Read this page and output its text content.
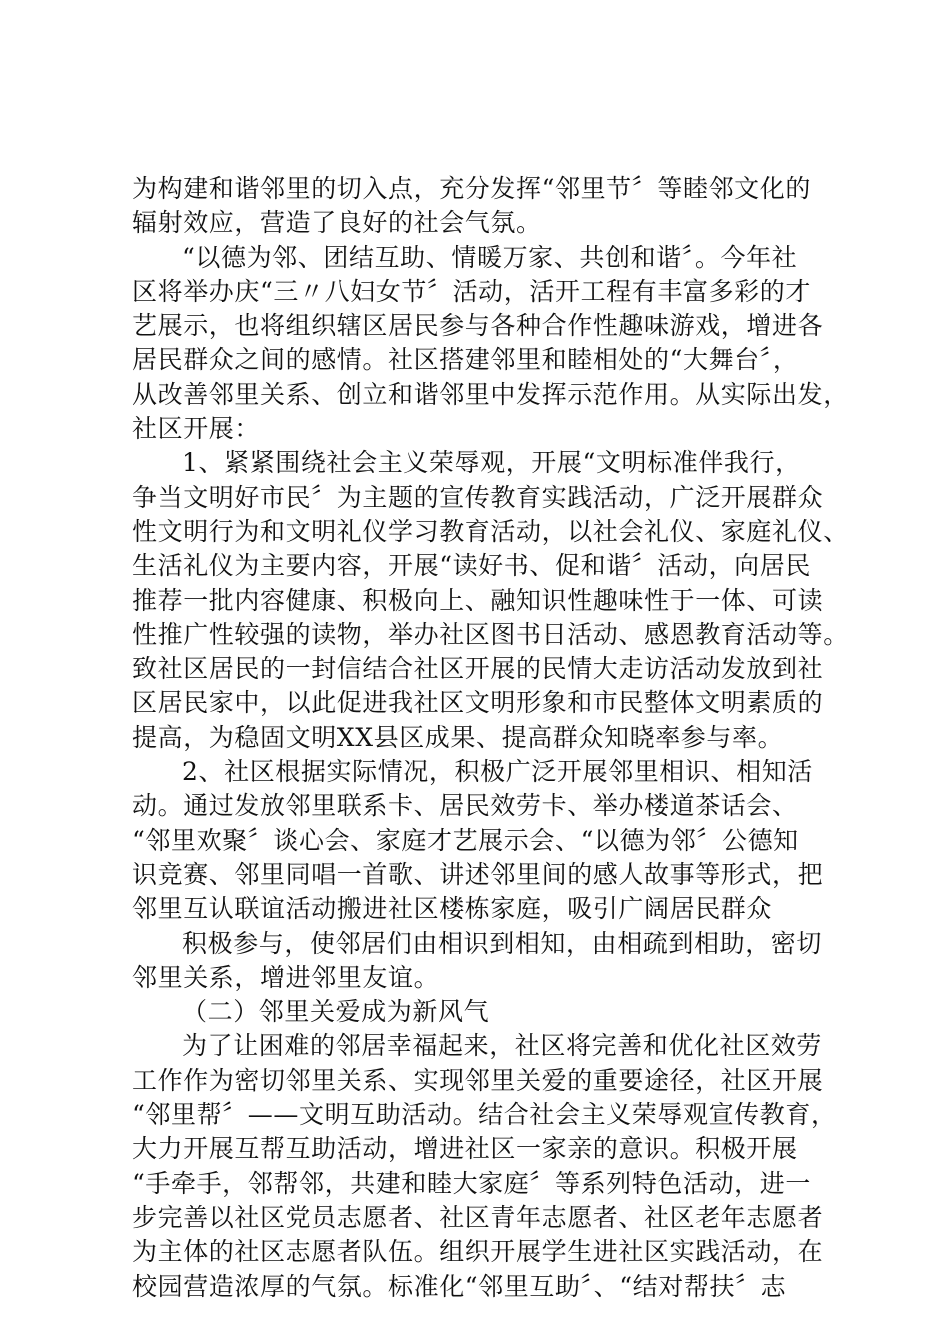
为构建和谐邻里的切入点，充分发挥“邻里节〞等睦邻文化的
辐射效应，营造了良好的社会气氛。
“以德为邻、团结互助、情暖万家、共创和谐〞。今年社
区将举办庆“三〃八妇女节〞活动，活开工程有丰富多彩的才
艺展示，也将组织辖区居民参与各种合作性趣味游戏，增进各
居民群众之间的感情。社区搭建邻里和睦相处的“大舞台〞，
从改善邻里关系、创立和谐邻里中发挥示范作用。从实际出发，
社区开展：
1、紧紧围绕社会主义荣辱观，开展“文明标准伴我行，
争当文明好市民〞为主题的宣传教育实践活动，广泛开展群众
性文明行为和文明礼仪学习教育活动，以社会礼仪、家庭礼仪、
生活礼仪为主要内容，开展“读好书、促和谐〞活动，向居民
推荐一批内容健康、积极向上、融知识性趣味性于一体、可读
性推广性较强的读物，举办社区图书日活动、感恩教育活动等。
致社区居民的一封信结合社区开展的民情大走访活动发放到社
区居民家中，以此促进我社区文明形象和市民整体文明素质的
提高，为稳固文明XX县区成果、提高群众知晓率参与率。
2、社区根据实际情况，积极广泛开展邻里相识、相知活
动。通过发放邻里联系卡、居民效劳卡、举办楼道茶话会、
“邻里欢聚〞谈心会、家庭才艺展示会、“以德为邻〞公德知
识竞赛、邻里同唱一首歌、讲述邻里间的感人故事等形式，把
邻里互认联谊活动搬进社区楼栋家庭，吸引广阔居民群众
积极参与，使邻居们由相识到相知，由相疏到相助，密切
邻里关系，增进邻里友谊。
（二）邻里关爱成为新风气
为了让困难的邻居幸福起来，社区将完善和优化社区效劳
工作作为密切邻里关系、实现邻里关爱的重要途径，社区开展
“邻里帮〞——文明互助活动。结合社会主义荣辱观宣传教育，
大力开展互帮互助活动，增进社区一家亲的意识。积极开展
“手牵手，邻帮邻，共建和睦大家庭〞等系列特色活动，进一
步完善以社区党员志愿者、社区青年志愿者、社区老年志愿者
为主体的社区志愿者队伍。组织开展学生进社区实践活动，在
校园营造浓厚的气氛。标准化“邻里互助〞、“结对帮扶〞志
